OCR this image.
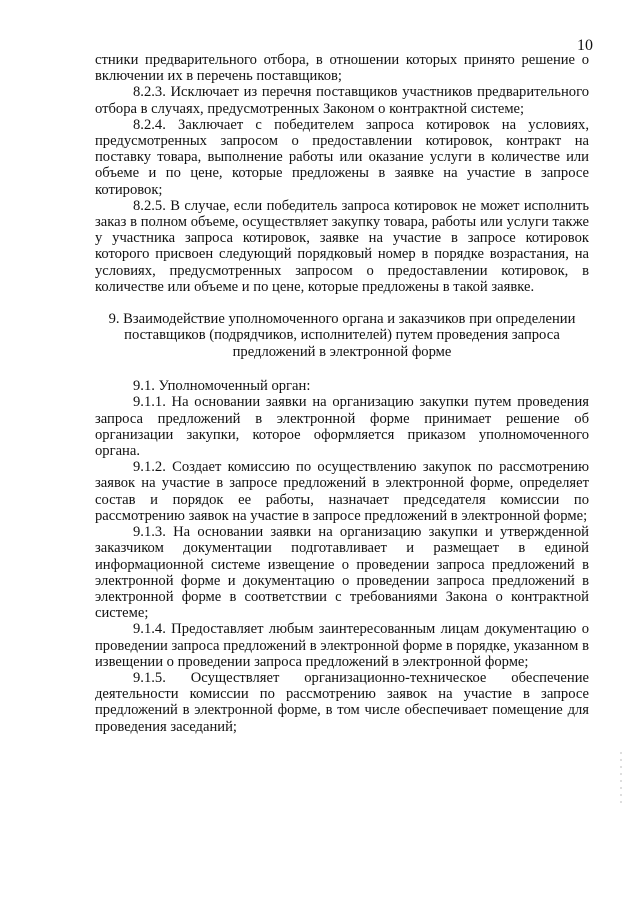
10

стники предварительного отбора, в отношении которых принято решение о включении их в перечень поставщиков;

8.2.3. Исключает из перечня поставщиков участников предварительного отбора в случаях, предусмотренных Законом о контрактной системе;

8.2.4. Заключает с победителем запроса котировок на условиях, предусмотренных запросом о предоставлении котировок, контракт на поставку товара, выполнение работы или оказание услуги в количестве или объеме и по цене, которые предложены в заявке на участие в запросе котировок;

8.2.5. В случае, если победитель запроса котировок не может исполнить заказ в полном объеме, осуществляет закупку товара, работы или услуги также у участника запроса котировок, заявке на участие в запросе котировок которого присвоен следующий порядковый номер в порядке возрастания, на условиях, предусмотренных запросом о предоставлении котировок, в количестве или объеме и по цене, которые предложены в такой заявке.

9. Взаимодействие уполномоченного органа и заказчиков при определении поставщиков (подрядчиков, исполнителей) путем проведения запроса предложений в электронной форме

9.1. Уполномоченный орган:

9.1.1. На основании заявки на организацию закупки путем проведения запроса предложений в электронной форме принимает решение об организации закупки, которое оформляется приказом уполномоченного органа.

9.1.2. Создает комиссию по осуществлению закупок по рассмотрению заявок на участие в запросе предложений в электронной форме, определяет состав и порядок ее работы, назначает председателя комиссии по рассмотрению заявок на участие в запросе предложений в электронной форме;

9.1.3. На основании заявки на организацию закупки и утвержденной заказчиком документации подготавливает и размещает в единой информационной системе извещение о проведении запроса предложений в электронной форме и документацию о проведении запроса предложений в электронной форме в соответствии с требованиями Закона о контрактной системе;

9.1.4. Предоставляет любым заинтересованным лицам документацию о проведении запроса предложений в электронной форме в порядке, указанном в извещении о проведении запроса предложений в электронной форме;

9.1.5. Осуществляет организационно-техническое обеспечение деятельности комиссии по рассмотрению заявок на участие в запросе предложений в электронной форме, в том числе обеспечивает помещение для проведения заседаний;
